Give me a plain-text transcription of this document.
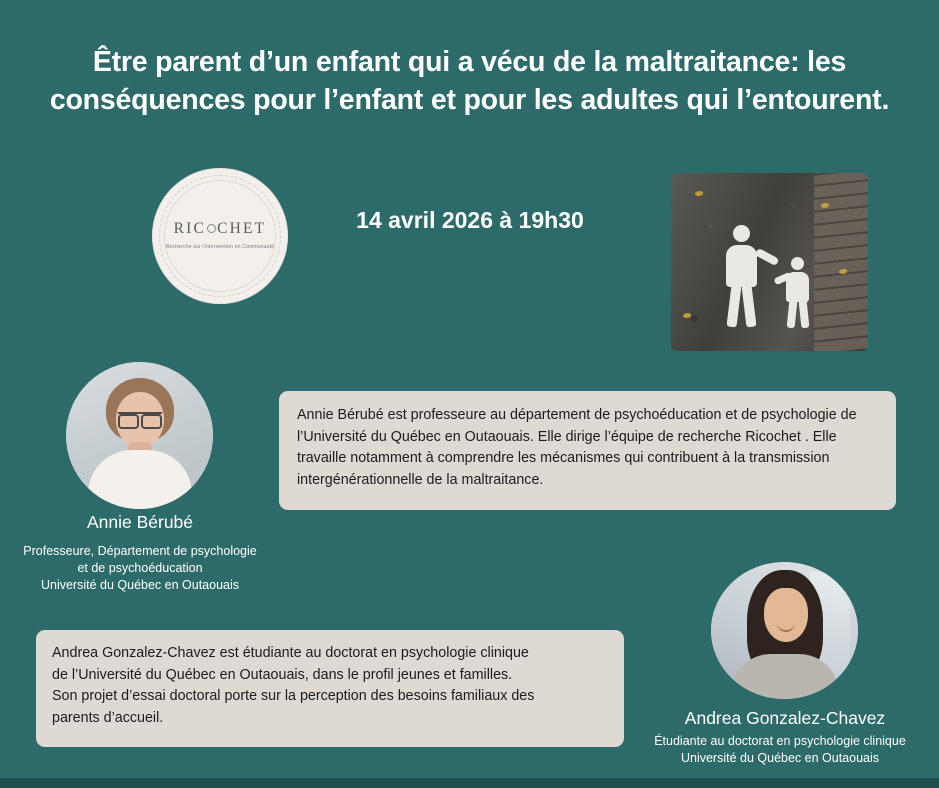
Être parent d’un enfant qui a vécu de la maltraitance: les conséquences pour l’enfant et pour les adultes qui l’entourent.
RIC CHET
Recherche sur l'intervention en Communauté
14 avril 2026 à 19h30
Annie Bérubé
Professeure, Département de psychologie
et de psychoéducation
Université du Québec en Outaouais
Annie Bérubé est professeure au département de psychoéducation et de psychologie de l’Université du Québec en Outaouais. Elle dirige l’équipe de recherche Ricochet . Elle travaille notamment à comprendre les mécanismes qui contribuent à la transmission intergénérationnelle de la maltraitance.

Andrea Gonzalez-Chavez est étudiante au doctorat en psychologie clinique

de l’Université du Québec en Outaouais, dans le profil jeunes et familles.

Son projet d’essai doctoral porte sur la perception des besoins familiaux des

parents d’accueil.	Andrea Gonzalez-Chavez
Étudiante au doctorat en psychologie clinique
Université du Québec en Outaouais
